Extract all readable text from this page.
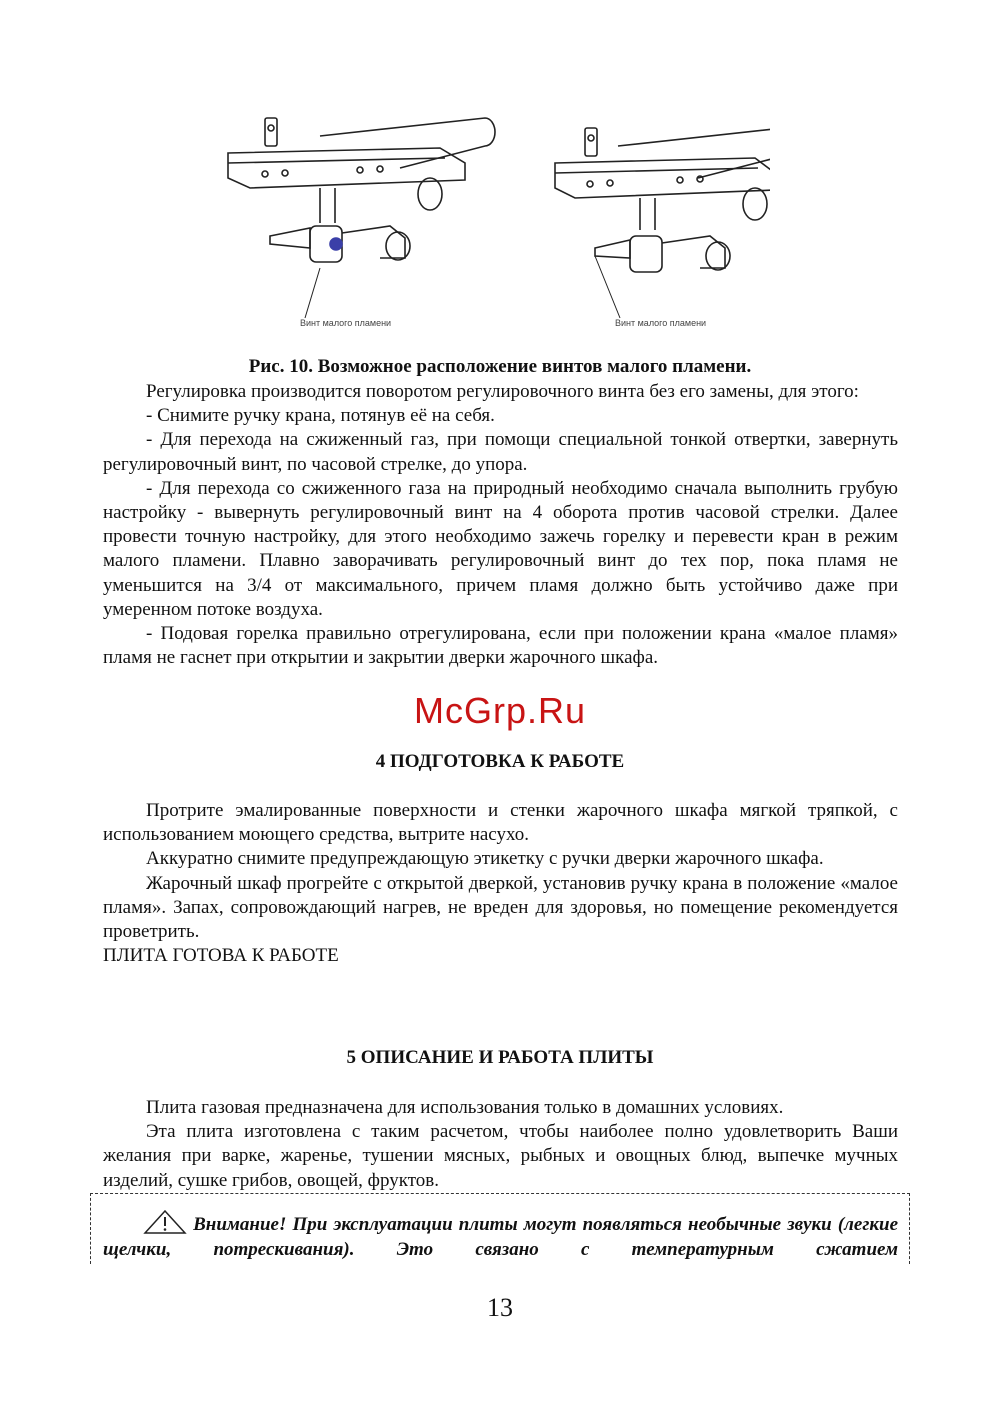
Винт малого пламени	Винт малого пламени
Рис. 10. Возможное расположение винтов малого пламени.

Регулировка производится поворотом регулировочного винта без его замены, для этого:

- Снимите ручку крана, потянув её на себя.

- Для перехода на сжиженный газ, при помощи специальной тонкой отвертки, завернуть регулировочный винт, по часовой стрелке, до упора.

- Для перехода со сжиженного газа на природный необходимо сначала выполнить грубую настройку - вывернуть регулировочный винт на 4 оборота против часовой стрелки. Далее провести точную настройку, для этого необходимо зажечь горелку и перевести кран в режим малого пламени. Плавно заворачивать регулировочный винт до тех пор, пока пламя не уменьшится на 3/4 от максимального, причем пламя должно быть устойчиво даже при умеренном потоке воздуха.

- Подовая горелка правильно отрегулирована, если при положении крана «малое пламя» пламя не гаснет при открытии и закрытии дверки жарочного шкафа.

McGrp.Ru
4 ПОДГОТОВКА К РАБОТЕ

Протрите эмалированные поверхности и стенки жарочного шкафа мягкой тряпкой, с использованием моющего средства, вытрите насухо.

Аккуратно снимите предупреждающую этикетку с ручки дверки жарочного шкафа.

Жарочный шкаф прогрейте с открытой дверкой, установив ручку крана в положение «малое пламя». Запах, сопровождающий нагрев, не вреден для здоровья, но помещение рекомендуется проветрить.

ПЛИТА ГОТОВА К РАБОТЕ

5 ОПИСАНИЕ И РАБОТА ПЛИТЫ

Плита газовая предназначена для использования только в домашних условиях.

Эта плита изготовлена с таким расчетом, чтобы наиболее полно удовлетворить Ваши желания при варке, жаренье, тушении мясных, рыбных и овощных блюд, выпечке мучных изделий, сушке грибов, овощей, фруктов.

Внимание! При эксплуатации плиты могут появляться необычные звуки (легкие щелчки, потрескивания). Это связано с температурным сжатием
13
